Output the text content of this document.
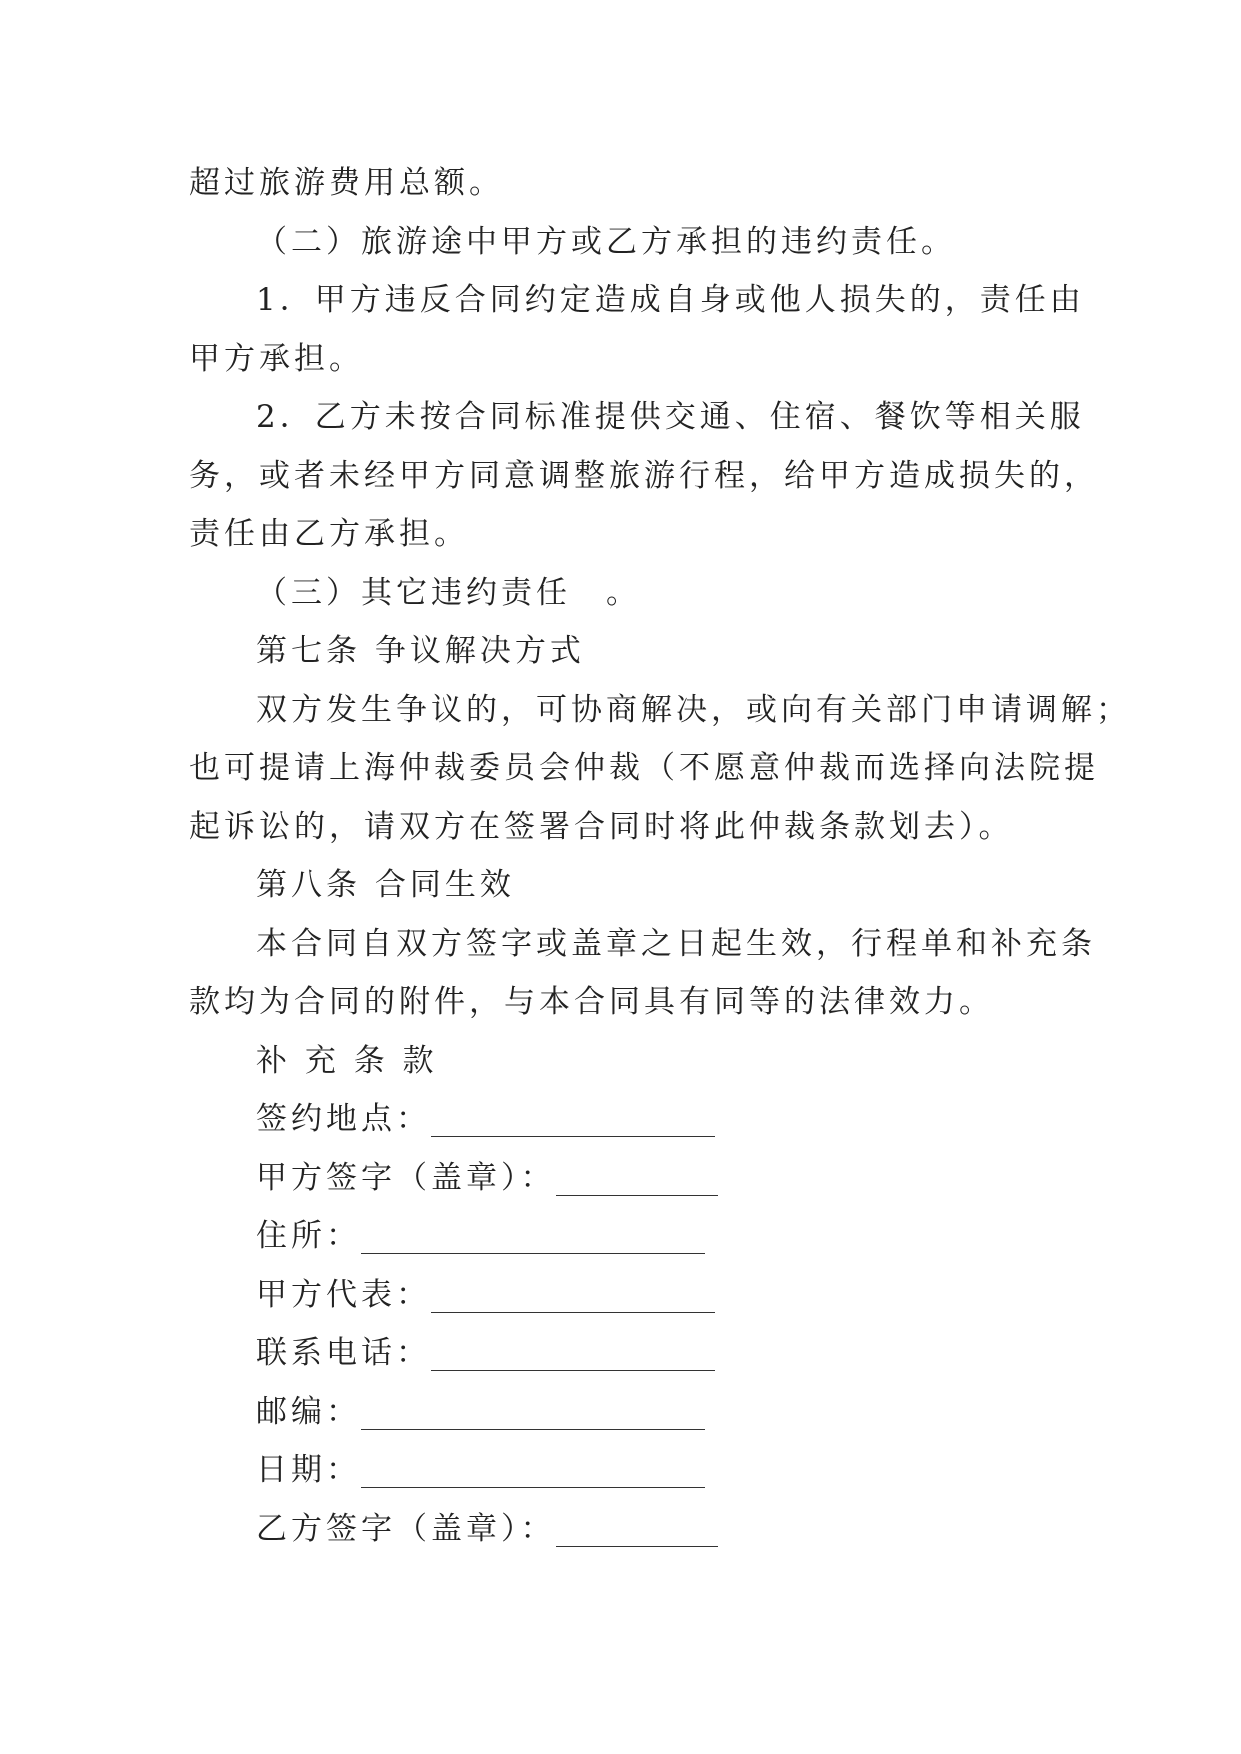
超过旅游费用总额。
（二）旅游途中甲方或乙方承担的违约责任。
1．甲方违反合同约定造成自身或他人损失的，责任由
甲方承担。
2．乙方未按合同标准提供交通、住宿、餐饮等相关服
务，或者未经甲方同意调整旅游行程，给甲方造成损失的，
责任由乙方承担。
（三）其它违约责任　。
第七条 争议解决方式
双方发生争议的，可协商解决，或向有关部门申请调解；
也可提请上海仲裁委员会仲裁（不愿意仲裁而选择向法院提
起诉讼的，请双方在签署合同时将此仲裁条款划去）。
第八条 合同生效
本合同自双方签字或盖章之日起生效，行程单和补充条
款均为合同的附件，与本合同具有同等的法律效力。
补 充 条 款
签约地点：
甲方签字（盖章）：
住所：
甲方代表：
联系电话：
邮编：
日期：
乙方签字（盖章）：
